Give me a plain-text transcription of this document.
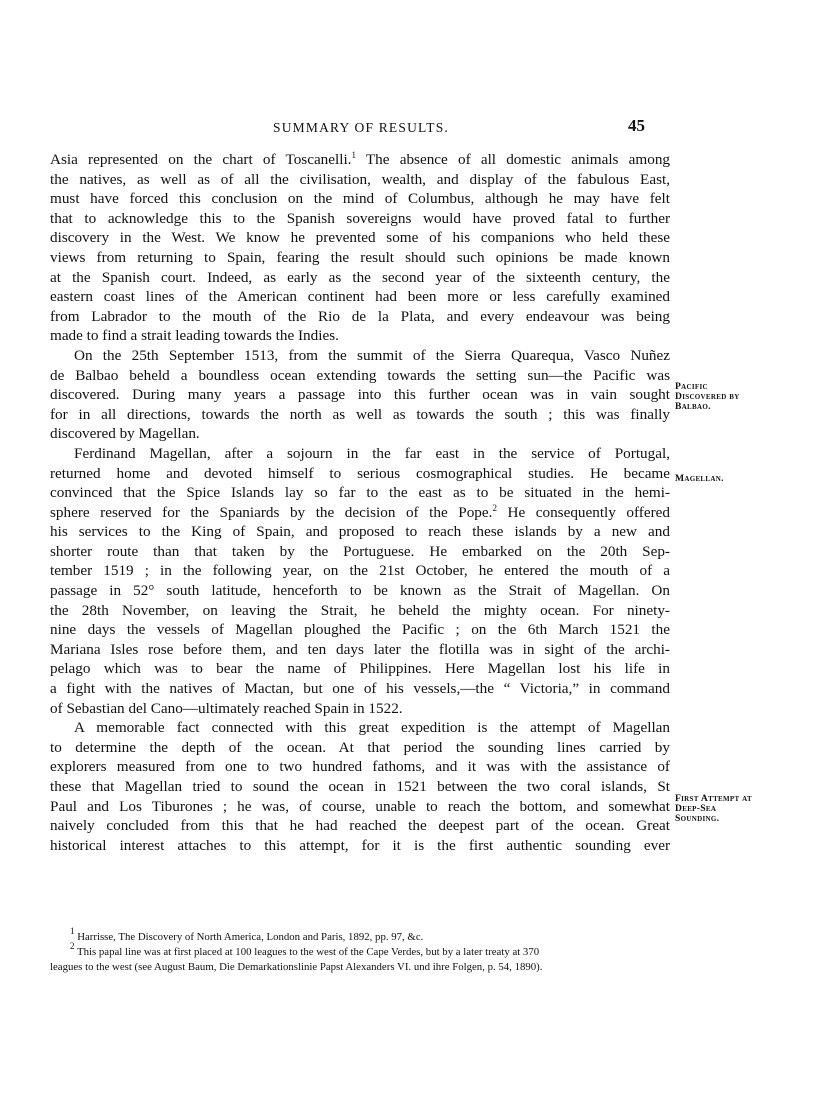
SUMMARY OF RESULTS.	45
Asia represented on the chart of Toscanelli.$^1$ The absence of all domestic animals among
the natives, as well as of all the civilisation, wealth, and display of the fabulous East,
must have forced this conclusion on the mind of Columbus, although he may have felt
that to acknowledge this to the Spanish sovereigns would have proved fatal to further
discovery in the West. We know he prevented some of his companions who held these
views from returning to Spain, fearing the result should such opinions be made known
at the Spanish court. Indeed, as early as the second year of the sixteenth century, the
eastern coast lines of the American continent had been more or less carefully examined
from Labrador to the mouth of the Rio de la Plata, and every endeavour was being
made to find a strait leading towards the Indies.
On the 25th September 1513, from the summit of the Sierra Quarequa, Vasco Nuñez
de Balbao beheld a boundless ocean extending towards the setting sun—the Pacific was
discovered. During many years a passage into this further ocean was in vain sought
for in all directions, towards the north as well as towards the south ; this was finally
discovered by Magellan.
Ferdinand Magellan, after a sojourn in the far east in the service of Portugal,
returned home and devoted himself to serious cosmographical studies. He became
convinced that the Spice Islands lay so far to the east as to be situated in the hemi-
sphere reserved for the Spaniards by the decision of the Pope.$^2$ He consequently offered
his services to the King of Spain, and proposed to reach these islands by a new and
shorter route than that taken by the Portuguese. He embarked on the 20th Sep-
tember 1519 ; in the following year, on the 21st October, he entered the mouth of a
passage in 52° south latitude, henceforth to be known as the Strait of Magellan. On
the 28th November, on leaving the Strait, he beheld the mighty ocean. For ninety-
nine days the vessels of Magellan ploughed the Pacific ; on the 6th March 1521 the
Mariana Isles rose before them, and ten days later the flotilla was in sight of the archi-
pelago which was to bear the name of Philippines. Here Magellan lost his life in
a fight with the natives of Mactan, but one of his vessels,—the “ Victoria,” in command
of Sebastian del Cano—ultimately reached Spain in 1522.
A memorable fact connected with this great expedition is the attempt of Magellan
to determine the depth of the ocean. At that period the sounding lines carried by
explorers measured from one to two hundred fathoms, and it was with the assistance of
these that Magellan tried to sound the ocean in 1521 between the two coral islands, St
Paul and Los Tiburones ; he was, of course, unable to reach the bottom, and somewhat
naively concluded from this that he had reached the deepest part of the ocean. Great
historical interest attaches to this attempt, for it is the first authentic sounding ever
Pacific
Discovered by
Balbao.
Magellan.
First Attempt at
Deep-Sea
Sounding.
$^1$ Harrisse, The Discovery of North America, London and Paris, 1892, pp. 97, &c.
$^2$ This papal line was at first placed at 100 leagues to the west of the Cape Verdes, but by a later treaty at 370
leagues to the west (see August Baum, Die Demarkationslinie Papst Alexanders VI. und ihre Folgen, p. 54, 1890).
